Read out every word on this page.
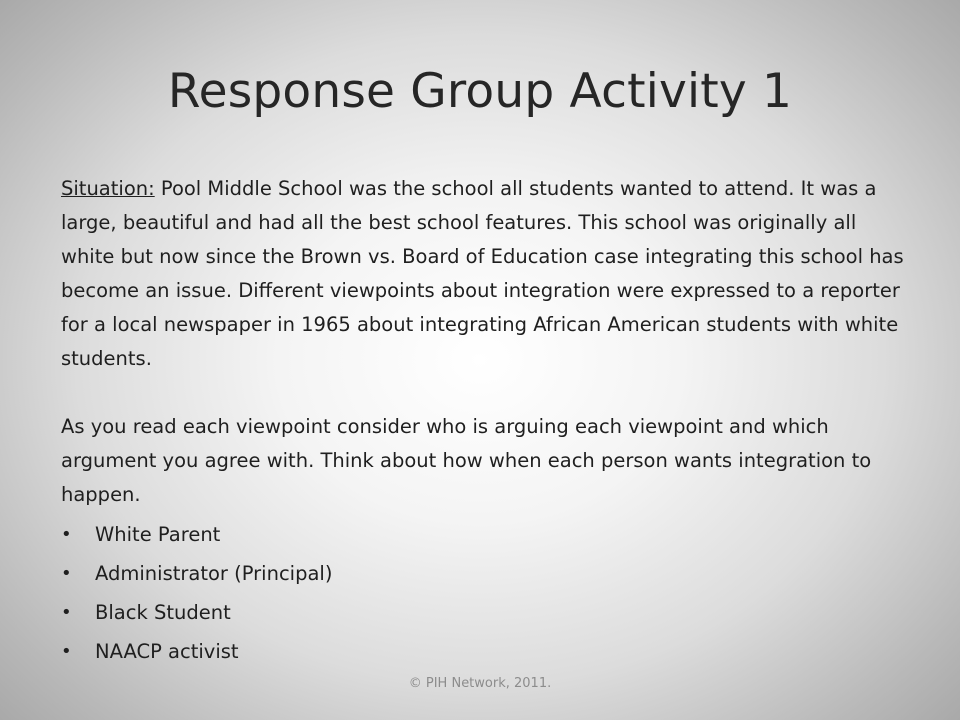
Response Group Activity 1

Situation: Pool Middle School was the school all students wanted to attend. It was a large, beautiful and had all the best school features. This school was originally all white but now since the Brown vs. Board of Education case integrating this school has become an issue. Different viewpoints about integration were expressed to a reporter for a local newspaper in 1965 about integrating African American students with white students.

As you read each viewpoint consider who is arguing each viewpoint and which argument you agree with. Think about how when each person wants integration to happen.

• White Parent
• Administrator (Principal)
• Black Student
• NAACP activist
© PIH Network, 2011.
